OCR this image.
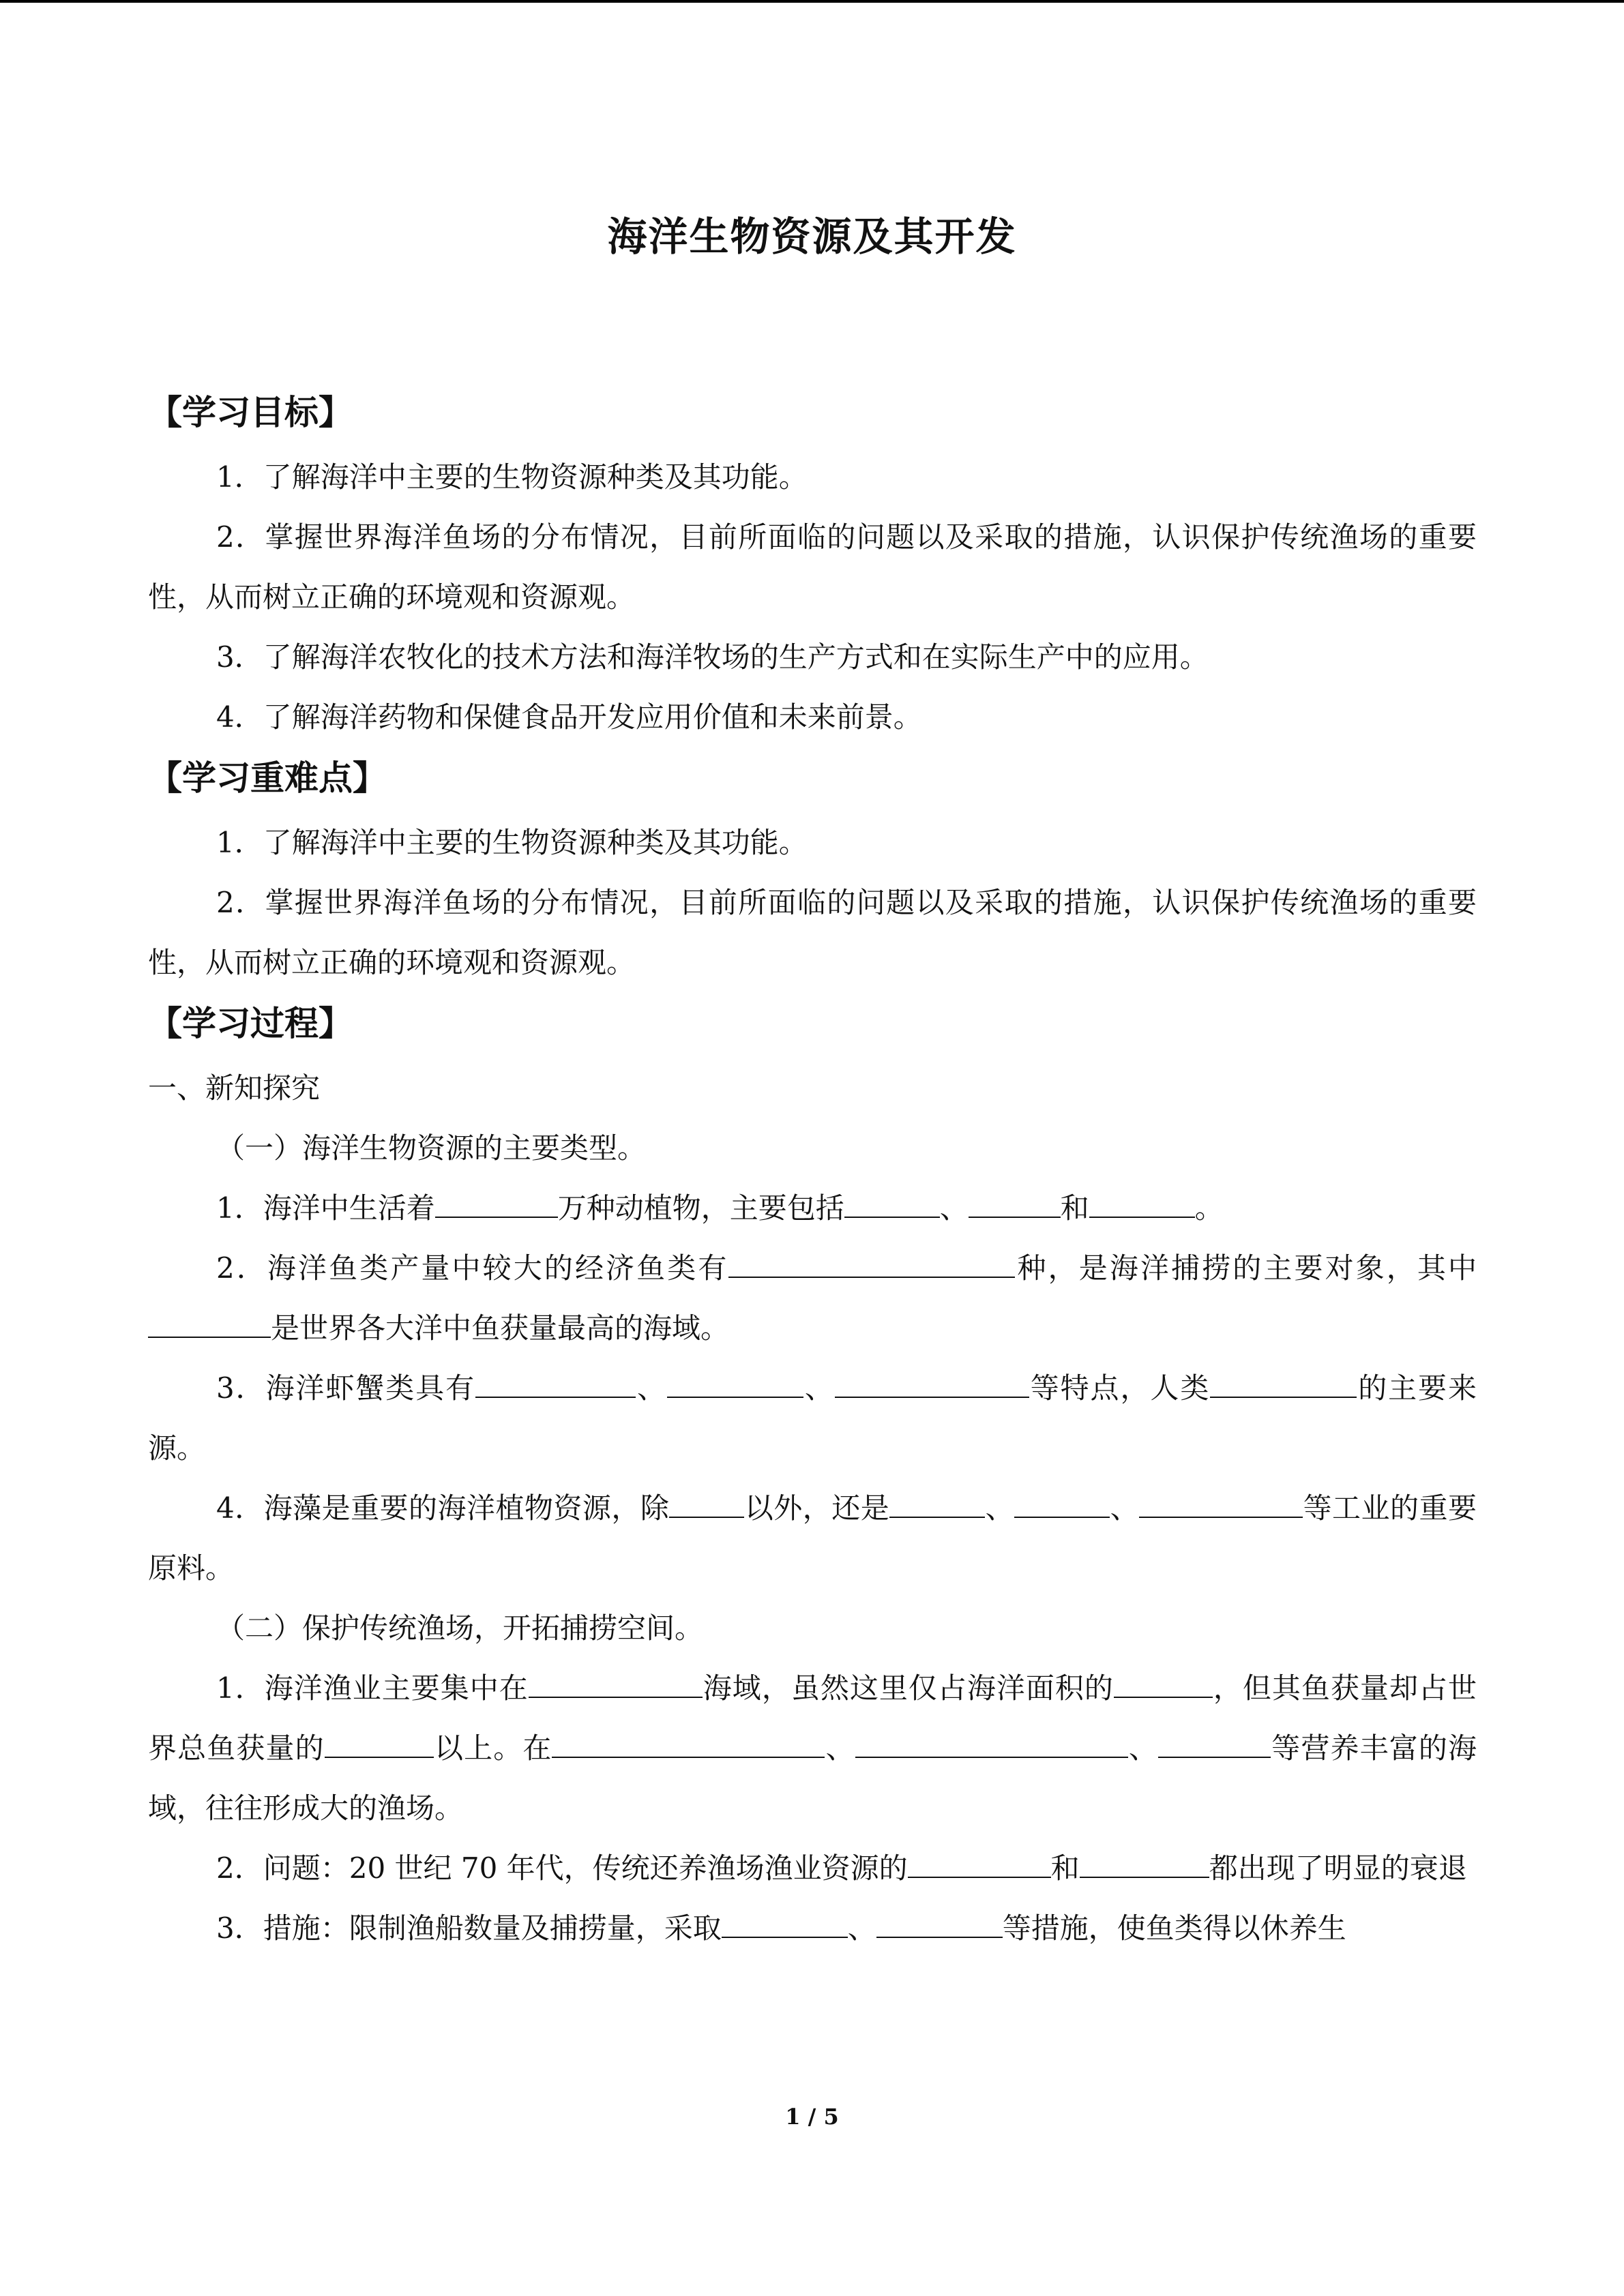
海洋生物资源及其开发
【学习目标】

1．了解海洋中主要的生物资源种类及其功能。

2．掌握世界海洋鱼场的分布情况，目前所面临的问题以及采取的措施，认识保护传统渔场的重要性，从而树立正确的环境观和资源观。

3．了解海洋农牧化的技术方法和海洋牧场的生产方式和在实际生产中的应用。

4．了解海洋药物和保健食品开发应用价值和未来前景。

【学习重难点】

1．了解海洋中主要的生物资源种类及其功能。

2．掌握世界海洋鱼场的分布情况，目前所面临的问题以及采取的措施，认识保护传统渔场的重要性，从而树立正确的环境观和资源观。

【学习过程】

一、新知探究

（一）海洋生物资源的主要类型。

1．海洋中生活着	万种动植物，主要包括	、	和	。

2．海洋鱼类产量中较大的经济鱼类有	种，是海洋捕捞的主要对象，其中是世界各大洋中鱼获量最高的海域。

3．海洋虾蟹类具有	、	、	等特点，人类	的主要来源。

4．海藻是重要的海洋植物资源，除	以外，还是	、	、	等工业的重要原料。

（二）保护传统渔场，开拓捕捞空间。

1．海洋渔业主要集中在	海域，虽然这里仅占海洋面积的	，但其鱼获量却占世界总鱼获量的	以上。在	、	、	等营养丰富的海域，往往形成大的渔场。

2．问题：20 世纪 70 年代，传统还养渔场渔业资源的	和	都出现了明显的衰退

3．措施：限制渔船数量及捕捞量，采取	、	等措施，使鱼类得以休养生

1 / 5
